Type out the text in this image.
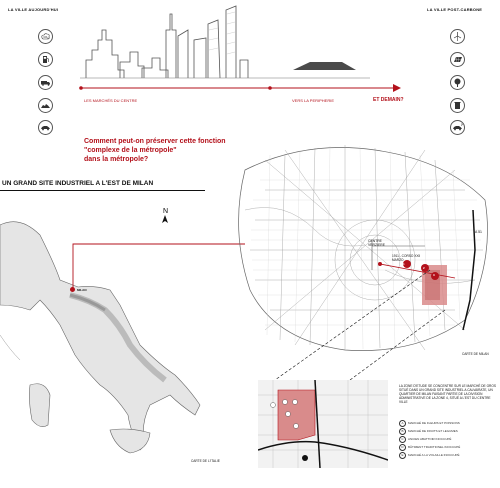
LA VILLE AUJOURD'HUI	LA VILLE POST-CARBONE
CO₂
LES MARCHÉS DU CENTRE	VERS LA PERIPHERIE	ET DEMAIN?
Comment peut-on préserver cette fonction
"complexe de la métropole"
dans la métropole?
UN GRAND SITE INDUSTRIEL A L'EST DE MILAN
N
MILAN
CARTE DE L'ITALIE
CENTRE VERZIERE
1911 - CORSO XXII MARZO
A 51
1
2
3
CARTE DE MILAN
LA ZONE D'ETUDE SE CONCENTRE SUR LE MARCHÉ DE GROS SITUÉ DANS UN GRAND SITE INDUSTRIEL A CALVAIRATE, UN QUARTIER DE MILAN FAISANT PARTIE DE LA DIVISION ADMINISTRATIVE DE LA ZONE 4, SITUÉ A L'EST DU CENTRE VILLE
A MARCHÉ DE FLEURS ET POISSONS
B MARCHÉ DE FRUITS ET LEGUMES
C ANCIEN ABATTOIR INOCCUPÉ
D BÂTIMENT TRADITIONEL INOCCUPÉ
E MARCHÉ A LA VOLAILLE INOCCUPÉ
